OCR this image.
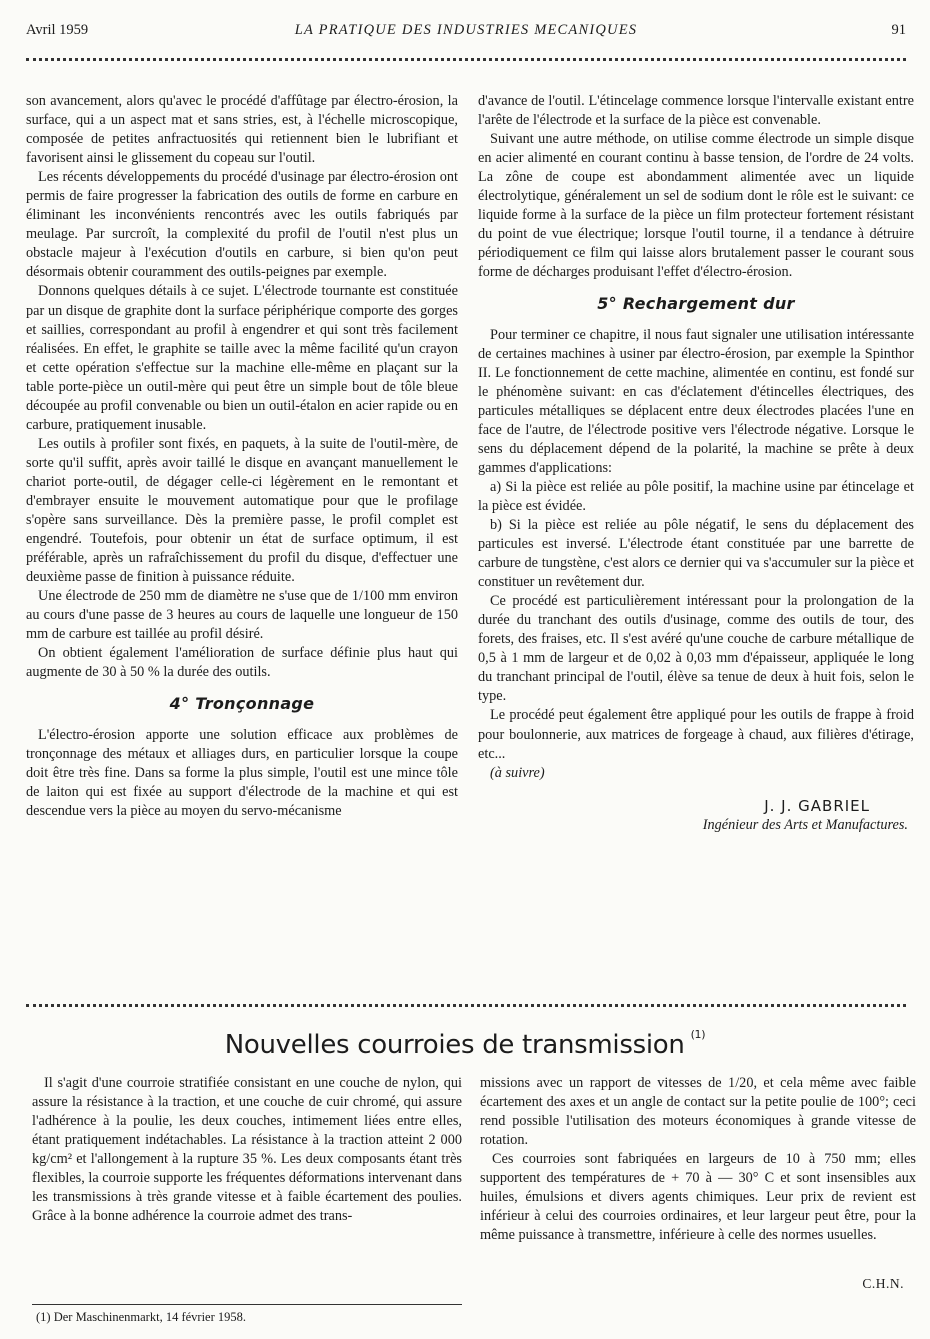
Avril 1959	LA PRATIQUE DES INDUSTRIES MECANIQUES	91

son avancement, alors qu'avec le procédé d'affûtage par électro-érosion, la surface, qui a un aspect mat et sans stries, est, à l'échelle microscopique, composée de petites anfractuosités qui retiennent bien le lubrifiant et favorisent ainsi le glissement du copeau sur l'outil.

Les récents développements du procédé d'usinage par électro-érosion ont permis de faire progresser la fabrication des outils de forme en carbure en éliminant les inconvénients rencontrés avec les outils fabriqués par meulage. Par surcroît, la complexité du profil de l'outil n'est plus un obstacle majeur à l'exécution d'outils en carbure, si bien qu'on peut désormais obtenir couramment des outils-peignes par exemple.

Donnons quelques détails à ce sujet. L'électrode tournante est constituée par un disque de graphite dont la surface périphérique comporte des gorges et saillies, correspondant au profil à engendrer et qui sont très facilement réalisées. En effet, le graphite se taille avec la même facilité qu'un crayon et cette opération s'effectue sur la machine elle-même en plaçant sur la table porte-pièce un outil-mère qui peut être un simple bout de tôle bleue découpée au profil convenable ou bien un outil-étalon en acier rapide ou en carbure, pratiquement inusable.

Les outils à profiler sont fixés, en paquets, à la suite de l'outil-mère, de sorte qu'il suffit, après avoir taillé le disque en avançant manuellement le chariot porte-outil, de dégager celle-ci légèrement en le remontant et d'embrayer ensuite le mouvement automatique pour que le profilage s'opère sans surveillance. Dès la première passe, le profil complet est engendré. Toutefois, pour obtenir un état de surface optimum, il est préférable, après un rafraîchissement du profil du disque, d'effectuer une deuxième passe de finition à puissance réduite.

Une électrode de 250 mm de diamètre ne s'use que de 1/100 mm environ au cours d'une passe de 3 heures au cours de laquelle une longueur de 150 mm de carbure est taillée au profil désiré.

On obtient également l'amélioration de surface définie plus haut qui augmente de 30 à 50 % la durée des outils.

4° Tronçonnage

L'électro-érosion apporte une solution efficace aux problèmes de tronçonnage des métaux et alliages durs, en particulier lorsque la coupe doit être très fine. Dans sa forme la plus simple, l'outil est une mince tôle de laiton qui est fixée au support d'électrode de la machine et qui est descendue vers la pièce au moyen du servo-mécanisme

d'avance de l'outil. L'étincelage commence lorsque l'intervalle existant entre l'arête de l'électrode et la surface de la pièce est convenable.

Suivant une autre méthode, on utilise comme électrode un simple disque en acier alimenté en courant continu à basse tension, de l'ordre de 24 volts. La zône de coupe est abondamment alimentée avec un liquide électrolytique, généralement un sel de sodium dont le rôle est le suivant: ce liquide forme à la surface de la pièce un film protecteur fortement résistant du point de vue électrique; lorsque l'outil tourne, il a tendance à détruire périodiquement ce film qui laisse alors brutalement passer le courant sous forme de décharges produisant l'effet d'électro-érosion.

5° Rechargement dur

Pour terminer ce chapitre, il nous faut signaler une utilisation intéressante de certaines machines à usiner par électro-érosion, par exemple la Spinthor II. Le fonctionnement de cette machine, alimentée en continu, est fondé sur le phénomène suivant: en cas d'éclatement d'étincelles électriques, des particules métalliques se déplacent entre deux électrodes placées l'une en face de l'autre, de l'électrode positive vers l'électrode négative. Lorsque le sens du déplacement dépend de la polarité, la machine se prête à deux gammes d'applications:

a) Si la pièce est reliée au pôle positif, la machine usine par étincelage et la pièce est évidée.

b) Si la pièce est reliée au pôle négatif, le sens du déplacement des particules est inversé. L'électrode étant constituée par une barrette de carbure de tungstène, c'est alors ce dernier qui va s'accumuler sur la pièce et constituer un revêtement dur.

Ce procédé est particulièrement intéressant pour la prolongation de la durée du tranchant des outils d'usinage, comme des outils de tour, des forets, des fraises, etc. Il s'est avéré qu'une couche de carbure métallique de 0,5 à 1 mm de largeur et de 0,02 à 0,03 mm d'épaisseur, appliquée le long du tranchant principal de l'outil, élève sa tenue de deux à huit fois, selon le type.

Le procédé peut également être appliqué pour les outils de frappe à froid pour boulonnerie, aux matrices de forgeage à chaud, aux filières d'étirage, etc...

(à suivre)

J. J. GABRIEL
Ingénieur des Arts et Manufactures.
Nouvelles courroies de transmission $^{(1)}$

Il s'agit d'une courroie stratifiée consistant en une couche de nylon, qui assure la résistance à la traction, et une couche de cuir chromé, qui assure l'adhérence à la poulie, les deux couches, intimement liées entre elles, étant pratiquement indétachables. La résistance à la traction atteint 2 000 kg/cm² et l'allongement à la rupture 35 %. Les deux composants étant très flexibles, la courroie supporte les fréquentes déformations intervenant dans les transmissions à très grande vitesse et à faible écartement des poulies. Grâce à la bonne adhérence la courroie admet des trans-

missions avec un rapport de vitesses de 1/20, et cela même avec faible écartement des axes et un angle de contact sur la petite poulie de 100°; ceci rend possible l'utilisation des moteurs économiques à grande vitesse de rotation.

Ces courroies sont fabriquées en largeurs de 10 à 750 mm; elles supportent des températures de + 70 à — 30° C et sont insensibles aux huiles, émulsions et divers agents chimiques. Leur prix de revient est inférieur à celui des courroies ordinaires, et leur largeur peut être, pour la même puissance à transmettre, inférieure à celle des normes usuelles.

(1) Der Maschinenmarkt, 14 février 1958.
C.H.N.
